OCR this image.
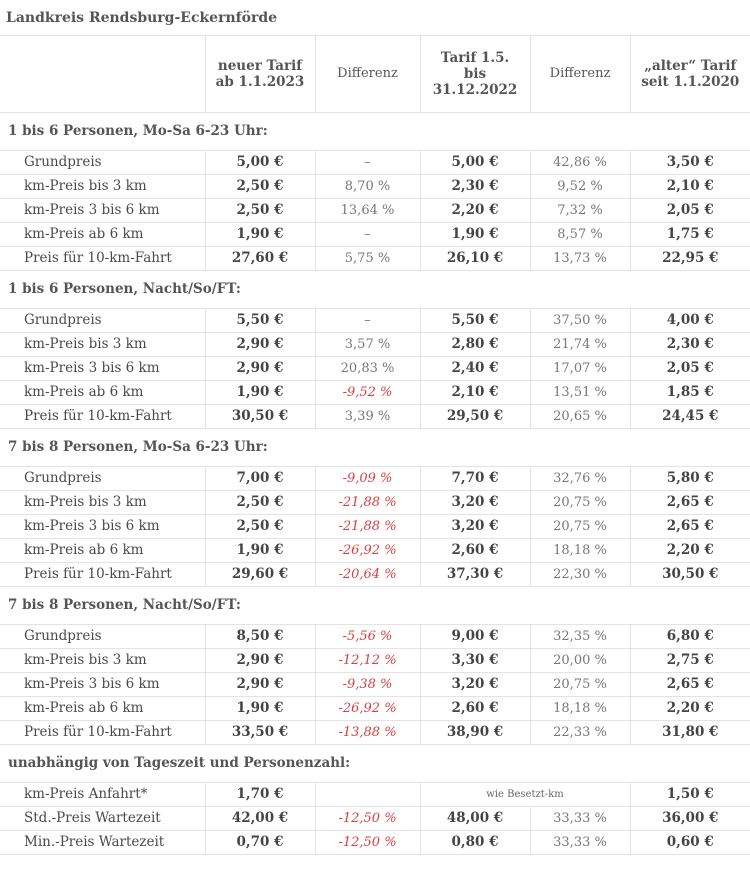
Landkreis Rendsburg-Eckernförde
	neuer Tarif ab 1.1.2023	Differenz	Tarif 1.5. bis 31.12.2022	Differenz	„alter“ Tarif seit 1.1.2020
1 bis 6 Personen, Mo-Sa 6-23 Uhr:					
Grundpreis	5,00 €	–	5,00 €	42,86 %	3,50 €
km-Preis bis 3 km	2,50 €	8,70 %	2,30 €	9,52 %	2,10 €
km-Preis 3 bis 6 km	2,50 €	13,64 %	2,20 €	7,32 %	2,05 €
km-Preis ab 6 km	1,90 €	–	1,90 €	8,57 %	1,75 €
Preis für 10-km-Fahrt	27,60 €	5,75 %	26,10 €	13,73 %	22,95 €
1 bis 6 Personen, Nacht/So/FT:					
Grundpreis	5,50 €	–	5,50 €	37,50 %	4,00 €
km-Preis bis 3 km	2,90 €	3,57 %	2,80 €	21,74 %	2,30 €
km-Preis 3 bis 6 km	2,90 €	20,83 %	2,40 €	17,07 %	2,05 €
km-Preis ab 6 km	1,90 €	-9,52 %	2,10 €	13,51 %	1,85 €
Preis für 10-km-Fahrt	30,50 €	3,39 %	29,50 €	20,65 %	24,45 €
7 bis 8 Personen, Mo-Sa 6-23 Uhr:					
Grundpreis	7,00 €	-9,09 %	7,70 €	32,76 %	5,80 €
km-Preis bis 3 km	2,50 €	-21,88 %	3,20 €	20,75 %	2,65 €
km-Preis 3 bis 6 km	2,50 €	-21,88 %	3,20 €	20,75 %	2,65 €
km-Preis ab 6 km	1,90 €	-26,92 %	2,60 €	18,18 %	2,20 €
Preis für 10-km-Fahrt	29,60 €	-20,64 %	37,30 €	22,30 %	30,50 €
7 bis 8 Personen, Nacht/So/FT:					
Grundpreis	8,50 €	-5,56 %	9,00 €	32,35 %	6,80 €
km-Preis bis 3 km	2,90 €	-12,12 %	3,30 €	20,00 %	2,75 €
km-Preis 3 bis 6 km	2,90 €	-9,38 %	3,20 €	20,75 %	2,65 €
km-Preis ab 6 km	1,90 €	-26,92 %	2,60 €	18,18 %	2,20 €
Preis für 10-km-Fahrt	33,50 €	-13,88 %	38,90 €	22,33 %	31,80 €
unabhängig von Tageszeit und Personenzahl:					
km-Preis Anfahrt*	1,70 €		wie Besetzt-km		1,50 €
Std.-Preis Wartezeit	42,00 €	-12,50 %	48,00 €	33,33 %	36,00 €
Min.-Preis Wartezeit	0,70 €	-12,50 %	0,80 €	33,33 %	0,60 €
